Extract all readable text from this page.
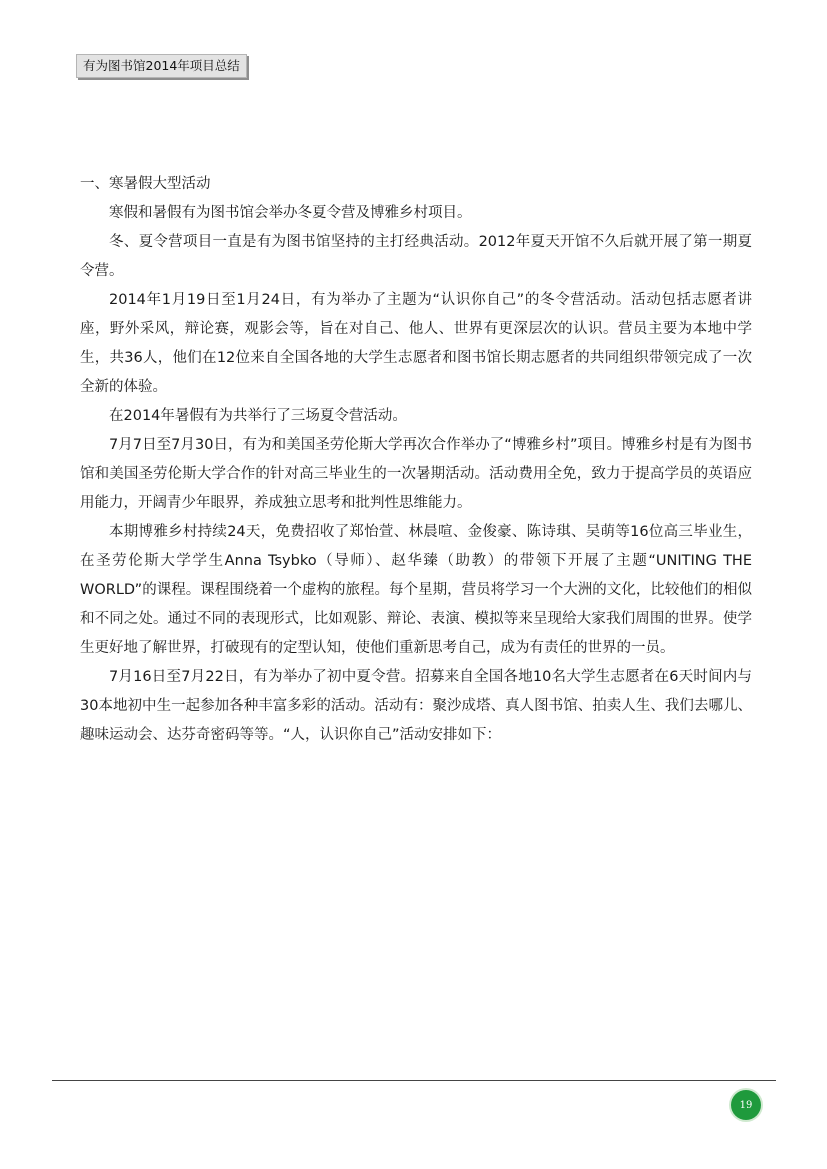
有为图书馆2014年项目总结

一、寒暑假大型活动

寒假和暑假有为图书馆会举办冬夏令营及博雅乡村项目。

冬、夏令营项目一直是有为图书馆坚持的主打经典活动。2012年夏天开馆不久后就开展了第一期夏令营。

2014年1月19日至1月24日，有为举办了主题为“认识你自己”的冬令营活动。活动包括志愿者讲座，野外采风，辩论赛，观影会等，旨在对自己、他人、世界有更深层次的认识。营员主要为本地中学生，共36人，他们在12位来自全国各地的大学生志愿者和图书馆长期志愿者的共同组织带领完成了一次全新的体验。

在2014年暑假有为共举行了三场夏令营活动。

7月7日至7月30日，有为和美国圣劳伦斯大学再次合作举办了“博雅乡村”项目。博雅乡村是有为图书馆和美国圣劳伦斯大学合作的针对高三毕业生的一次暑期活动。活动费用全免，致力于提高学员的英语应用能力，开阔青少年眼界，养成独立思考和批判性思维能力。

本期博雅乡村持续24天，免费招收了郑怡萱、林晨喧、金俊豪、陈诗琪、吴萌等16位高三毕业生，在圣劳伦斯大学学生Anna Tsybko（导师）、赵华臻（助教）的带领下开展了主题“UNITING THE WORLD”的课程。课程围绕着一个虚构的旅程。每个星期，营员将学习一个大洲的文化，比较他们的相似和不同之处。通过不同的表现形式，比如观影、辩论、表演、模拟等来呈现给大家我们周围的世界。使学生更好地了解世界，打破现有的定型认知，使他们重新思考自己，成为有责任的世界的一员。

7月16日至7月22日，有为举办了初中夏令营。招募来自全国各地10名大学生志愿者在6天时间内与30本地初中生一起参加各种丰富多彩的活动。活动有：聚沙成塔、真人图书馆、拍卖人生、我们去哪儿、趣味运动会、达芬奇密码等等。“人，认识你自己”活动安排如下：

19
